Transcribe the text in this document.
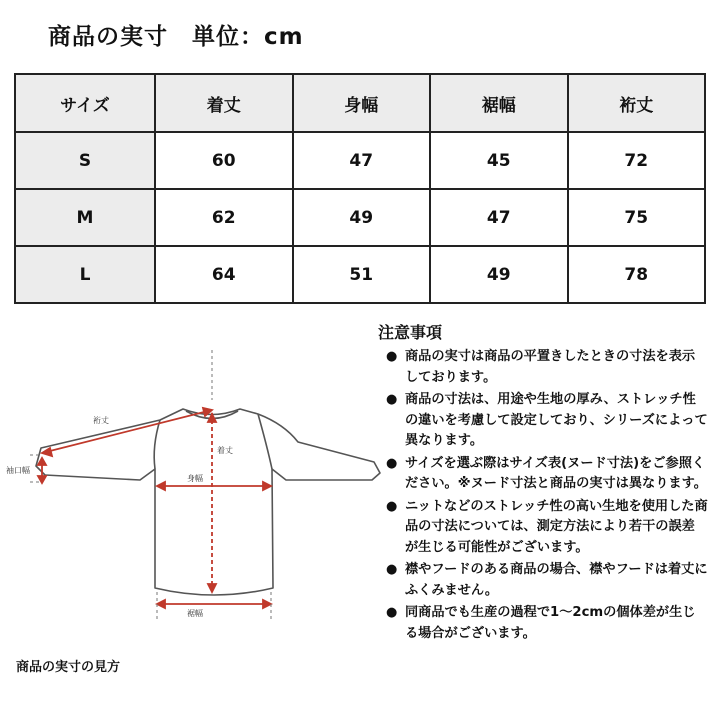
商品の実寸　単位：cm
サイズ	着丈	身幅	裾幅	裄丈
S	60	47	45	72
M	62	49	47	75
L	64	51	49	78
裄丈
着丈
身幅
袖口幅
裾幅
商品の実寸の見方
注意事項
● 商品の実寸は商品の平置きしたときの寸法を表示しております。
● 商品の寸法は、用途や生地の厚み、ストレッチ性の違いを考慮して設定しており、シリーズによって異なります。
● サイズを選ぶ際はサイズ表(ヌード寸法)をご参照ください。※ヌード寸法と商品の実寸は異なります。
● ニットなどのストレッチ性の高い生地を使用した商品の寸法については、測定方法により若干の誤差が生じる可能性がございます。
● 襟やフードのある商品の場合、襟やフードは着丈にふくみません。
● 同商品でも生産の過程で1〜2cmの個体差が生じる場合がございます。
